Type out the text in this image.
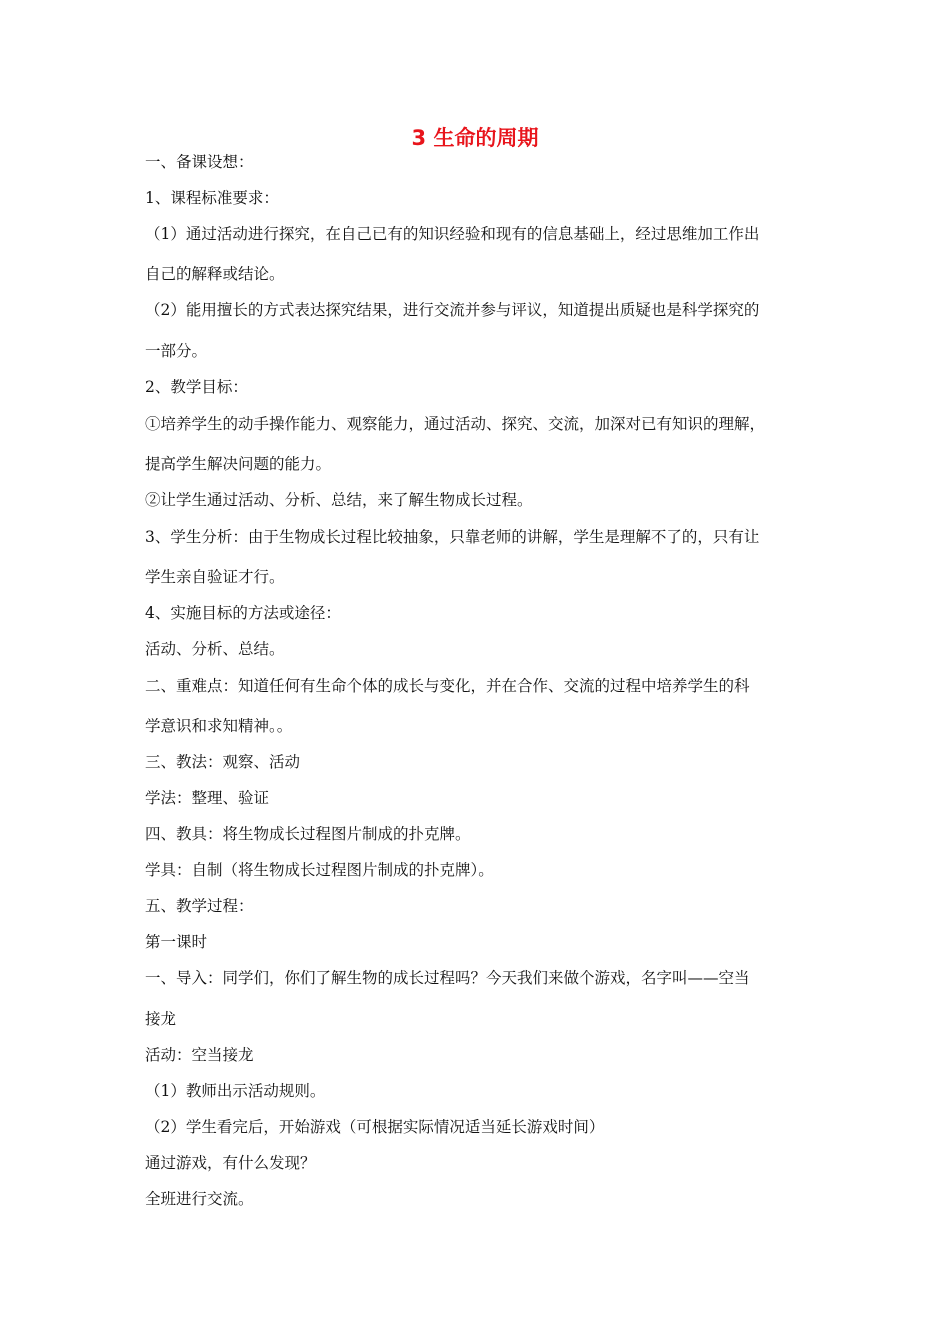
3 生命的周期
一、备课设想：
1、课程标准要求：
（1）通过活动进行探究，在自己已有的知识经验和现有的信息基础上，经过思维加工作出
自己的解释或结论。
（2）能用擅长的方式表达探究结果，进行交流并参与评议，知道提出质疑也是科学探究的
一部分。
2、教学目标：
①培养学生的动手操作能力、观察能力，通过活动、探究、交流，加深对已有知识的理解，
提高学生解决问题的能力。
②让学生通过活动、分析、总结，来了解生物成长过程。
3、学生分析：由于生物成长过程比较抽象，只靠老师的讲解，学生是理解不了的，只有让
学生亲自验证才行。
4、实施目标的方法或途径：
活动、分析、总结。
二、重难点：知道任何有生命个体的成长与变化，并在合作、交流的过程中培养学生的科
学意识和求知精神。。
三、教法：观察、活动
学法：整理、验证
四、教具：将生物成长过程图片制成的扑克牌。
学具：自制（将生物成长过程图片制成的扑克牌）。
五、教学过程：
第一课时
一、导入：同学们，你们了解生物的成长过程吗？今天我们来做个游戏，名字叫——空当
接龙
活动：空当接龙
（1）教师出示活动规则。
（2）学生看完后，开始游戏（可根据实际情况适当延长游戏时间）
通过游戏，有什么发现？
全班进行交流。
